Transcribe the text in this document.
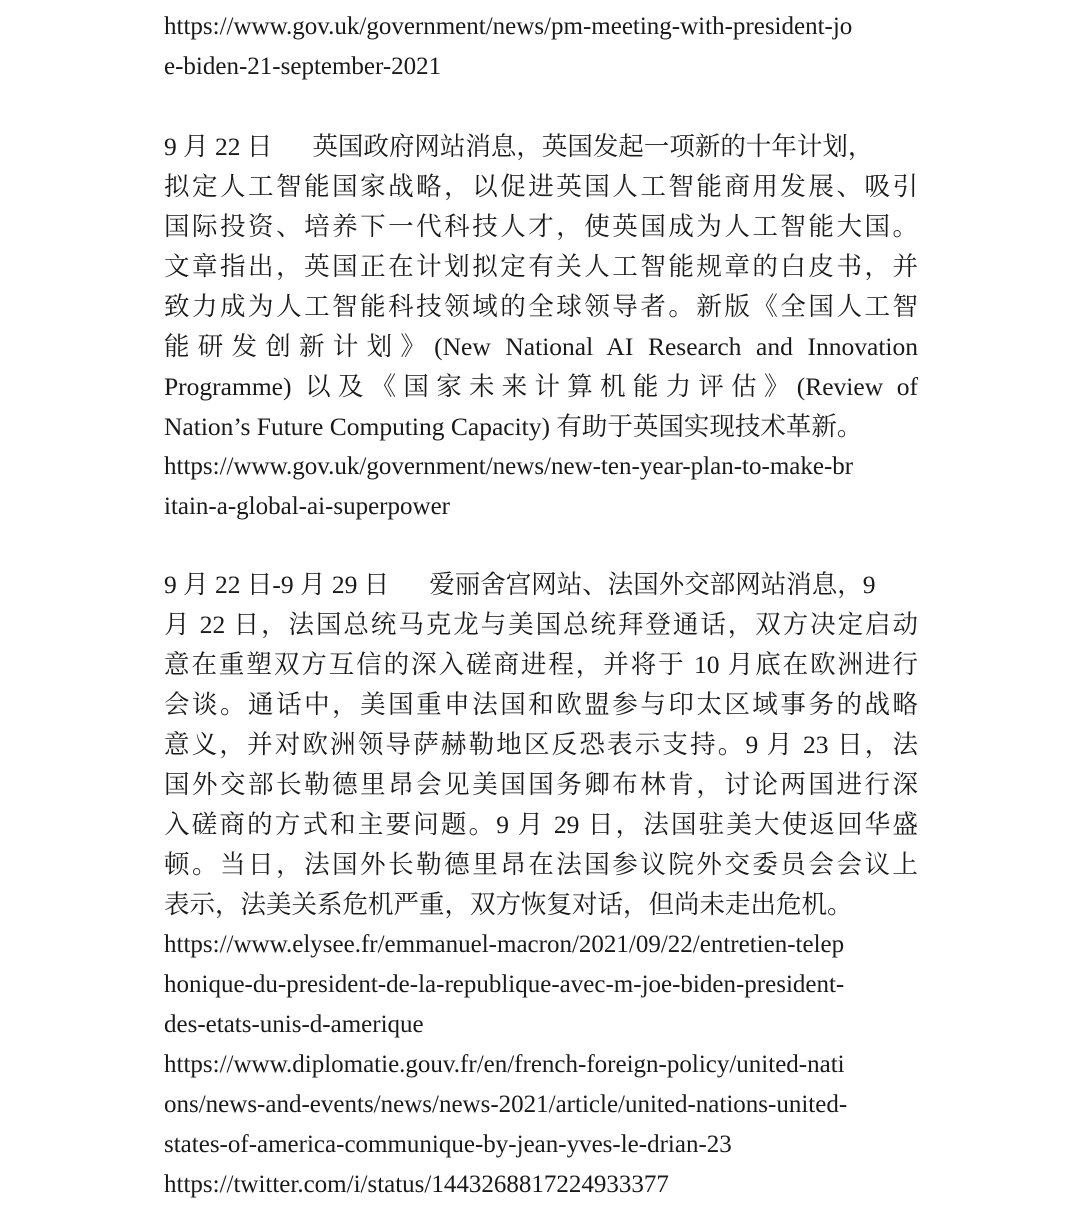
https://www.gov.uk/government/news/pm-meeting-with-president-jo
e-biden-21-september-2021
9 月 22 日 英国政府网站消息，英国发起一项新的十年计划，
拟定人工智能国家战略，以促进英国人工智能商用发展、吸引
国际投资、培养下一代科技人才，使英国成为人工智能大国。
文章指出，英国正在计划拟定有关人工智能规章的白皮书，并
致力成为人工智能科技领域的全球领导者。新版《全国人工智
能研发创新计划》(New National AI Research and Innovation
Programme) 以及《国家未来计算机能力评估》(Review of
Nation’s Future Computing Capacity) 有助于英国实现技术革新。
https://www.gov.uk/government/news/new-ten-year-plan-to-make-br
itain-a-global-ai-superpower
9 月 22 日-9 月 29 日 爱丽舍宫网站、法国外交部网站消息，9
月 22 日，法国总统马克龙与美国总统拜登通话，双方决定启动
意在重塑双方互信的深入磋商进程，并将于 10 月底在欧洲进行
会谈。通话中，美国重申法国和欧盟参与印太区域事务的战略
意义，并对欧洲领导萨赫勒地区反恐表示支持。9 月 23 日，法
国外交部长勒德里昂会见美国国务卿布林肯，讨论两国进行深
入磋商的方式和主要问题。9 月 29 日，法国驻美大使返回华盛
顿。当日，法国外长勒德里昂在法国参议院外交委员会会议上
表示，法美关系危机严重，双方恢复对话，但尚未走出危机。
https://www.elysee.fr/emmanuel-macron/2021/09/22/entretien-telep
honique-du-president-de-la-republique-avec-m-joe-biden-president-
des-etats-unis-d-amerique
https://www.diplomatie.gouv.fr/en/french-foreign-policy/united-nati
ons/news-and-events/news/news-2021/article/united-nations-united-
states-of-america-communique-by-jean-yves-le-drian-23
https://twitter.com/i/status/1443268817224933377
